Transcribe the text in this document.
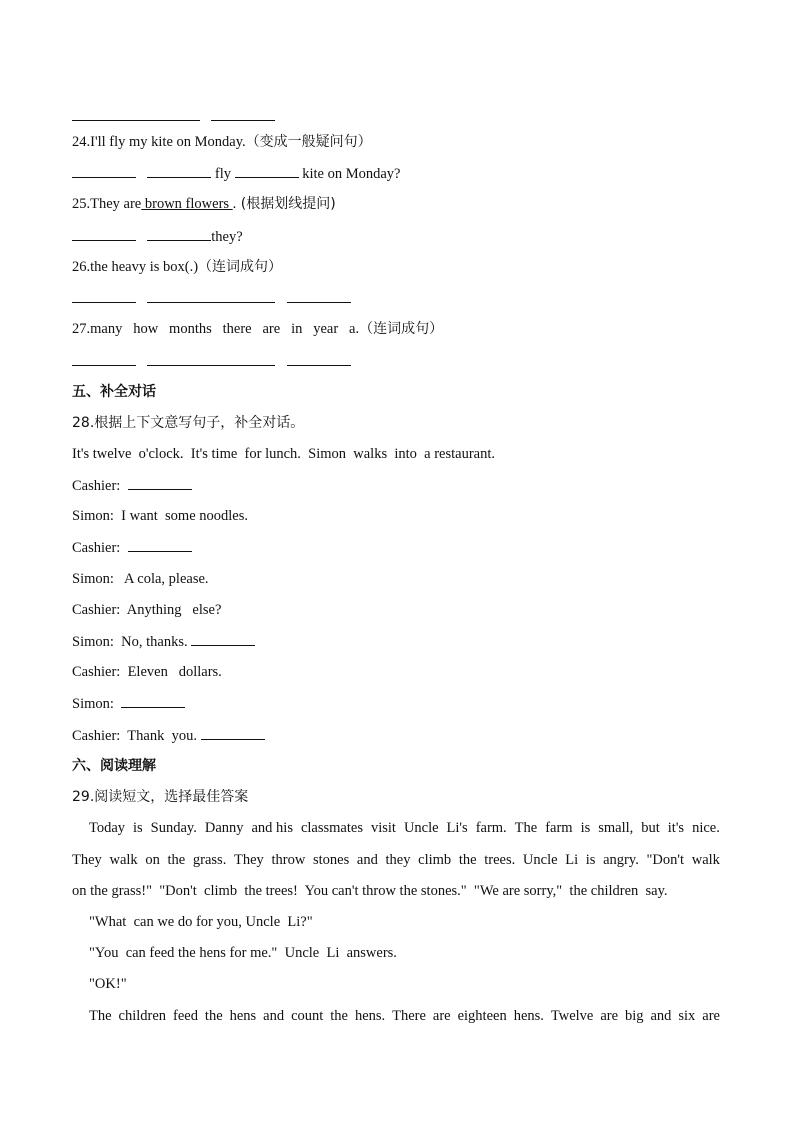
24.I'll fly my kite on Monday.（变成一般疑问句）
fly	kite on Monday?
25.They are brown flowers . (根据划线提问)
they?
26.the heavy is box(.)（连词成句）

27.many   how   months   there   are   in   year   a.（连词成句）

五、补全对话
28.根据上下文意写句子，补全对话。
It's twelve  o'clock.  It's time  for lunch.  Simon  walks  into  a restaurant.
Cashier:
Simon:  I want  some noodles.
Cashier:
Simon:   A cola, please.
Cashier:  Anything   else?
Simon:  No, thanks.
Cashier:  Eleven   dollars.
Simon:
Cashier:  Thank  you.
六、阅读理解
29.阅读短文，选择最佳答案
Today is Sunday. Danny and his classmates visit Uncle Li's farm. The farm is small, but it's nice.
They walk on the grass. They throw stones and they climb the trees. Uncle Li is angry. "Don't walk
on the grass!"  "Don't  climb  the trees!  You can't throw the stones."  "We are sorry,"  the children  say.
"What  can we do for you, Uncle  Li?"
"You  can feed the hens for me."  Uncle  Li  answers.
"OK!"
The children feed the hens and count the hens. There are eighteen hens. Twelve are big and six are
